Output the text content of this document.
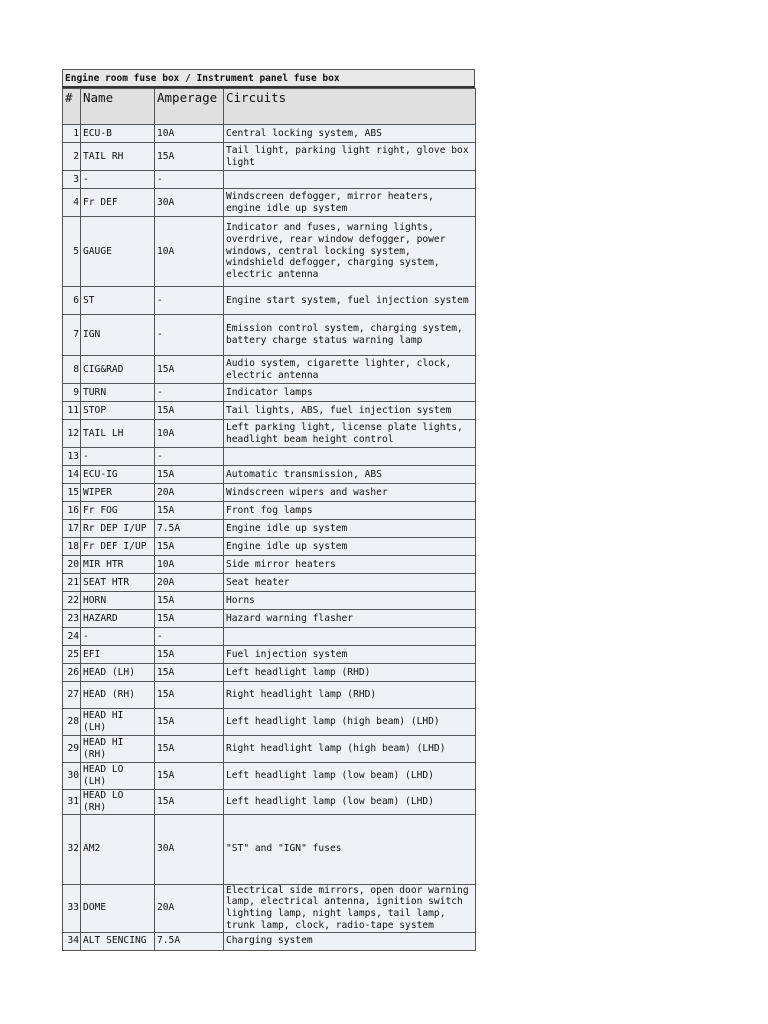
Engine room fuse box / Instrument panel fuse box
#	Name	Amperage	Circuits
1	ECU-B	10A	Central locking system, ABS
2	TAIL RH	15A	Tail light, parking light right, glove box light
3	-	-	
4	Fr DEF	30A	Windscreen defogger, mirror heaters, engine idle up system
5	GAUGE	10A	Indicator and fuses, warning lights, overdrive, rear window defogger, power windows, central locking system, windshield defogger, charging system, electric antenna
6	ST	-	Engine start system, fuel injection system
7	IGN	-	Emission control system, charging system, battery charge status warning lamp
8	CIG&RAD	15A	Audio system, cigarette lighter, clock, electric antenna
9	TURN	-	Indicator lamps
11	STOP	15A	Tail lights, ABS, fuel injection system
12	TAIL LH	10A	Left parking light, license plate lights, headlight beam height control
13	-	-	
14	ECU-IG	15A	Automatic transmission, ABS
15	WIPER	20A	Windscreen wipers and washer
16	Fr FOG	15A	Front fog lamps
17	Rr DEP I/UP	7.5A	Engine idle up system
18	Fr DEF I/UP	15A	Engine idle up system
20	MIR HTR	10A	Side mirror heaters
21	SEAT HTR	20A	Seat heater
22	HORN	15A	Horns
23	HAZARD	15A	Hazard warning flasher
24	-	-	
25	EFI	15A	Fuel injection system
26	HEAD (LH)	15A	Left headlight lamp (RHD)
27	HEAD (RH)	15A	Right headlight lamp (RHD)
28	HEAD HI (LH)	15A	Left headlight lamp (high beam) (LHD)
29	HEAD HI (RH)	15A	Right headlight lamp (high beam) (LHD)
30	HEAD LO (LH)	15A	Left headlight lamp (low beam) (LHD)
31	HEAD LO (RH)	15A	Left headlight lamp (low beam) (LHD)
32	AM2	30A	"ST" and "IGN" fuses
33	DOME	20A	Electrical side mirrors, open door warning lamp, electrical antenna, ignition switch lighting lamp, night lamps, tail lamp, trunk lamp, clock, radio-tape system
34	ALT SENCING	7.5A	Charging system
